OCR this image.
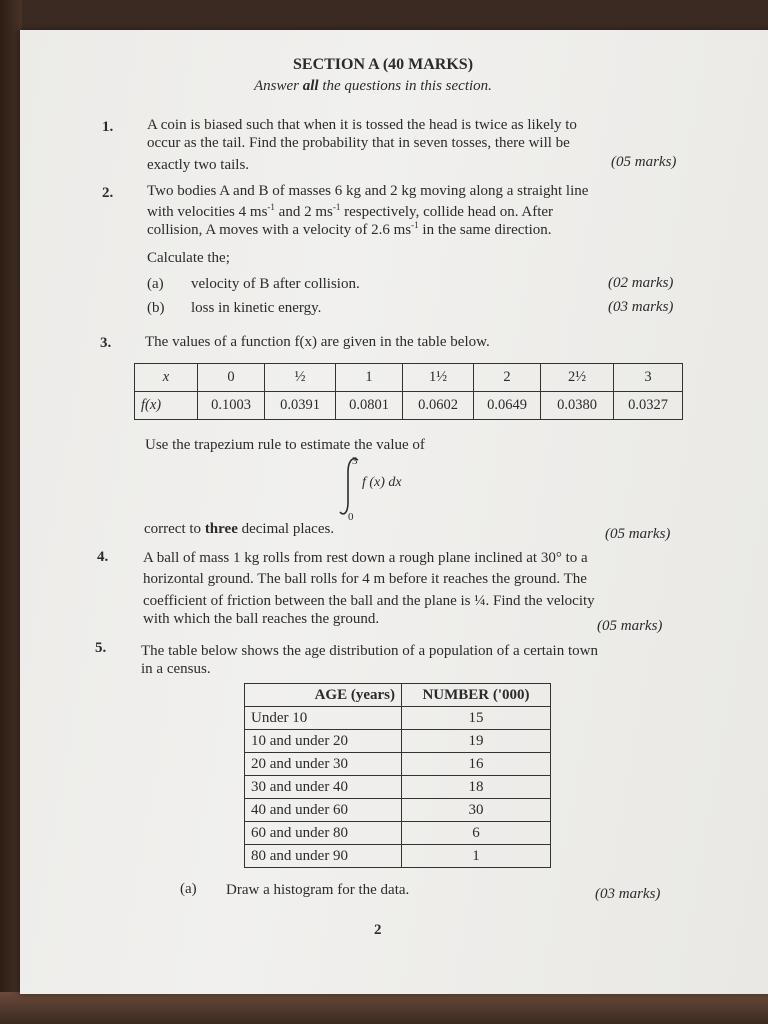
SECTION A (40 MARKS)
Answer all the questions in this section.
1. A coin is biased such that when it is tossed the head is twice as likely to
occur as the tail. Find the probability that in seven tosses, there will be
exactly two tails.	(05 marks)
2. Two bodies A and B of masses 6 kg and 2 kg moving along a straight line
with velocities 4 $ms^{-1}$ and 2 $ms^{-1}$ respectively, collide head on. After
collision, A moves with a velocity of 2.6 $ms^{-1}$ in the same direction.
Calculate the;
(a) velocity of B after collision.	(02 marks)
(b) loss in kinetic energy.	(03 marks)
3. The values of a function f(x) are given in the table below.
x	0	½	1	1½	2	2½	3
f(x)	0.1003	0.0391	0.0801	0.0602	0.0649	0.0380	0.0327
Use the trapezium rule to estimate the value of
3
0
f (x) dx
correct to three decimal places.	(05 marks)
4. A ball of mass 1 kg rolls from rest down a rough plane inclined at 30° to a
horizontal ground. The ball rolls for 4 m before it reaches the ground. The
coefficient of friction between the ball and the plane is ¼. Find the velocity
with which the ball reaches the ground.	(05 marks)
5. The table below shows the age distribution of a population of a certain town
in a census.
AGE (years)	NUMBER ('000)
Under 10	15
10 and under 20	19
20 and under 30	16
30 and under 40	18
40 and under 60	30
60 and under 80	6
80 and under 90	1
(a) Draw a histogram for the data.	(03 marks)
2
